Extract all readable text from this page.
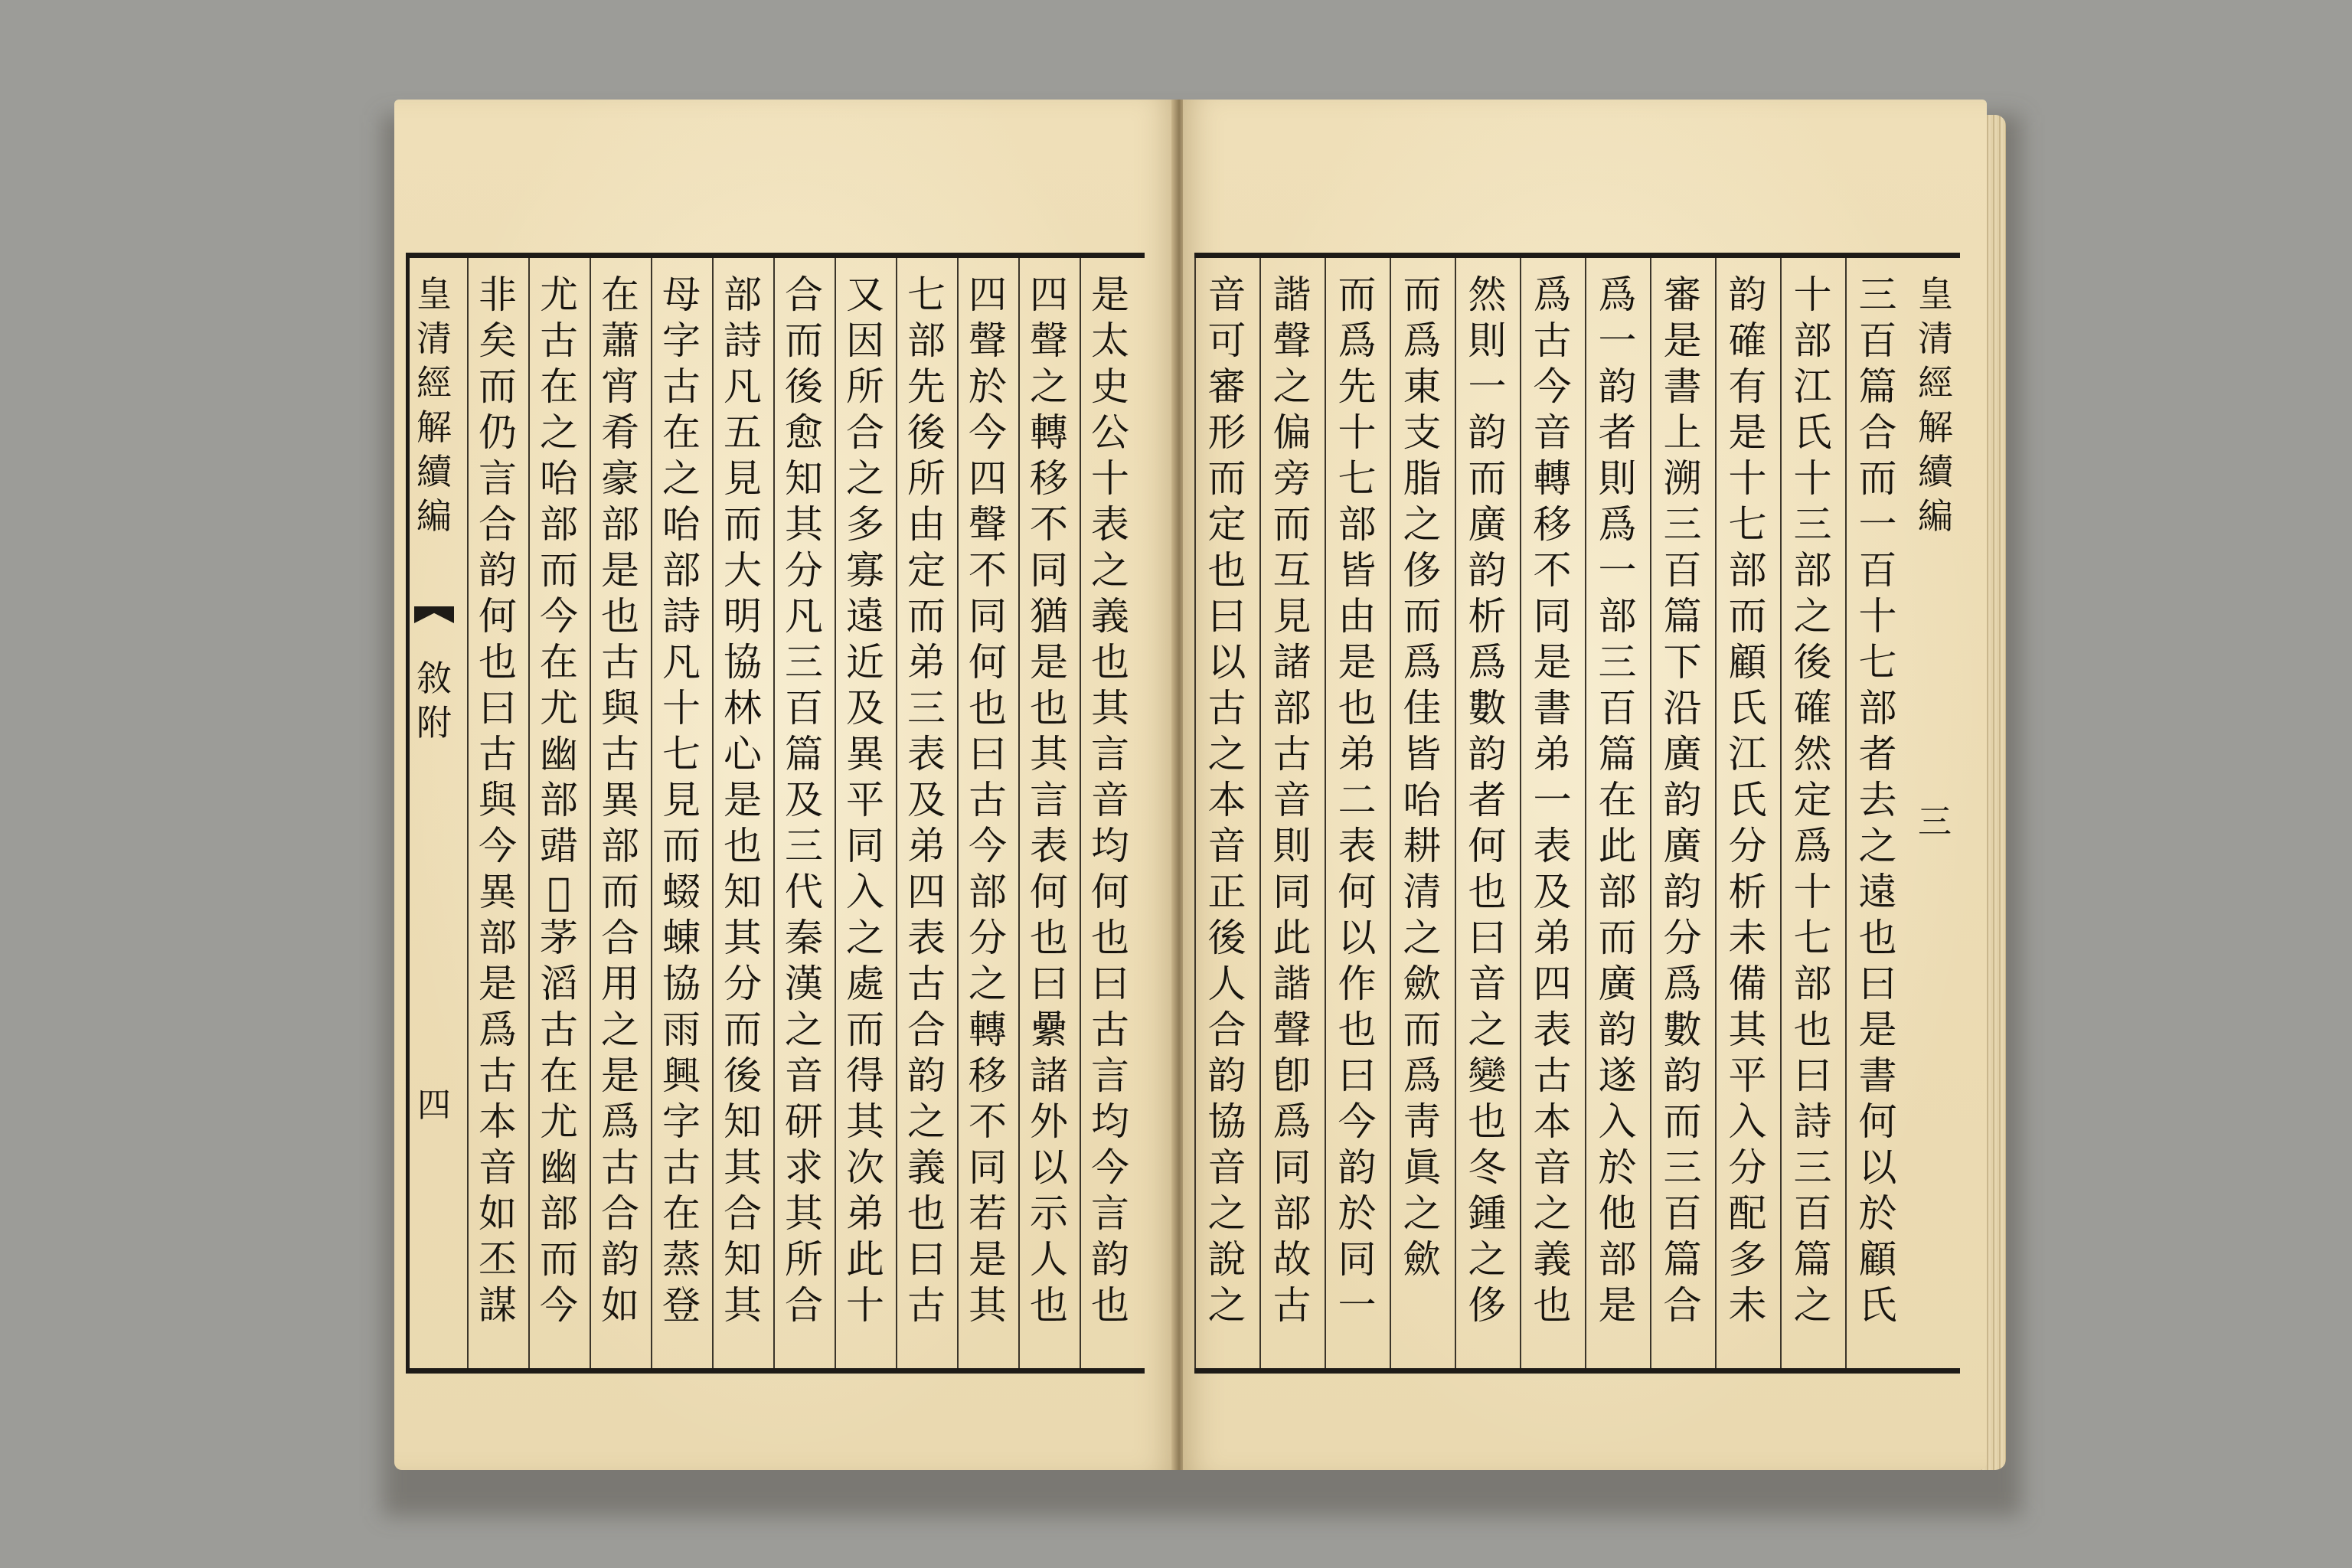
皇
清
經
解
續
編
敘
附
四
是
太
史
公
十
表
之
義
也
其
言
音
均
何
也
曰
古
言
均
今
言
韵
也
四
聲
之
轉
移
不
同
猶
是
也
其
言
表
何
也
曰
纍
諸
外
以
示
人
也
四
聲
於
今
四
聲
不
同
何
也
曰
古
今
部
分
之
轉
移
不
同
若
是
其
七
部
先
後
所
由
定
而
弟
三
表
及
弟
四
表
古
合
韵
之
義
也
曰
古
又
因
所
合
之
多
寡
遠
近
及
異
平
同
入
之
處
而
得
其
次
弟
此
十
合
而
後
愈
知
其
分
凡
三
百
篇
及
三
代
秦
漢
之
音
研
求
其
所
合
部
詩
凡
五
見
而
大
明
協
林
心
是
也
知
其
分
而
後
知
其
合
知
其
母
字
古
在
之
咍
部
詩
凡
十
七
見
而
蝃
蝀
協
雨
興
字
古
在
蒸
登
在
蕭
宵
肴
豪
部
是
也
古
與
古
異
部
而
合
用
之
是
爲
古
合
韵
如
尤
古
在
之
咍
部
而
今
在
尤
幽
部
䜺
𩐈
茅
滔
古
在
尤
幽
部
而
今
非
矣
而
仍
言
合
韵
何
也
曰
古
與
今
異
部
是
爲
古
本
音
如
丕
謀
皇
清
經
解
續
編
三
三
百
篇
合
而
一
百
十
七
部
者
去
之
遠
也
曰
是
書
何
以
於
顧
氏
十
部
江
氏
十
三
部
之
後
確
然
定
爲
十
七
部
也
曰
詩
三
百
篇
之
韵
確
有
是
十
七
部
而
顧
氏
江
氏
分
析
未
備
其
平
入
分
配
多
未
審
是
書
上
溯
三
百
篇
下
沿
廣
韵
廣
韵
分
爲
數
韵
而
三
百
篇
合
爲
一
韵
者
則
爲
一
部
三
百
篇
在
此
部
而
廣
韵
遂
入
於
他
部
是
爲
古
今
音
轉
移
不
同
是
書
弟
一
表
及
弟
四
表
古
本
音
之
義
也
然
則
一
韵
而
廣
韵
析
爲
數
韵
者
何
也
曰
音
之
變
也
冬
鍾
之
侈
而
爲
東
支
脂
之
侈
而
爲
佳
皆
咍
耕
清
之
歛
而
爲
靑
眞
之
歛
而
爲
先
十
七
部
皆
由
是
也
弟
二
表
何
以
作
也
曰
今
韵
於
同
一
諧
聲
之
偏
旁
而
互
見
諸
部
古
音
則
同
此
諧
聲
卽
爲
同
部
故
古
音
可
審
形
而
定
也
曰
以
古
之
本
音
正
後
人
合
韵
協
音
之
說
之
